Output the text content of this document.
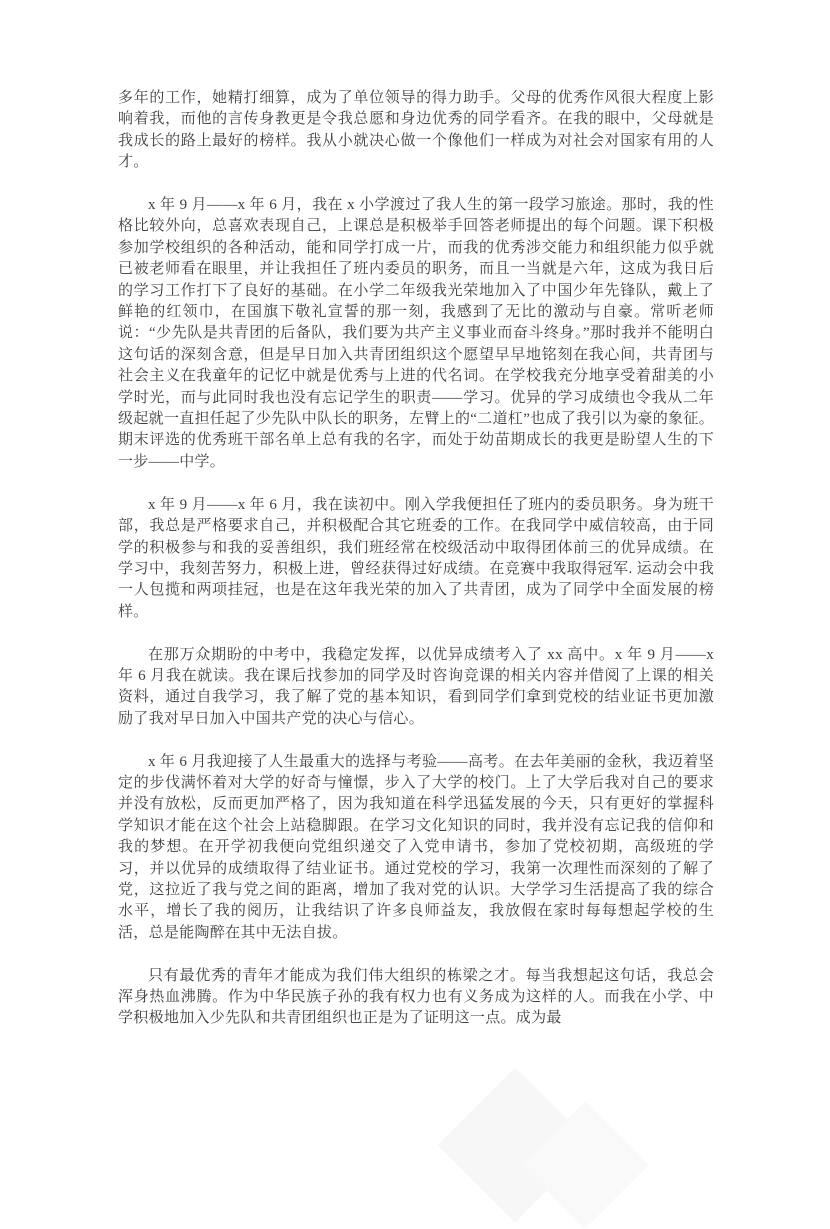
多年的工作，她精打细算，成为了单位领导的得力助手。父母的优秀作风很大程度上影响着我，而他的言传身教更是令我总愿和身边优秀的同学看齐。在我的眼中，父母就是我成长的路上最好的榜样。我从小就决心做一个像他们一样成为对社会对国家有用的人才。

x 年 9 月——x 年 6 月，我在 x 小学渡过了我人生的第一段学习旅途。那时，我的性格比较外向，总喜欢表现自己，上课总是积极举手回答老师提出的每个问题。课下积极参加学校组织的各种活动，能和同学打成一片，而我的优秀涉交能力和组织能力似乎就已被老师看在眼里，并让我担任了班内委员的职务，而且一当就是六年，这成为我日后的学习工作打下了良好的基础。在小学二年级我光荣地加入了中国少年先锋队，戴上了鲜艳的红领巾，在国旗下敬礼宣誓的那一刻，我感到了无比的激动与自豪。常听老师说：“少先队是共青团的后备队，我们要为共产主义事业而奋斗终身。”那时我并不能明白这句话的深刻含意，但是早日加入共青团组织这个愿望早早地铭刻在我心间，共青团与社会主义在我童年的记忆中就是优秀与上进的代名词。在学校我充分地享受着甜美的小学时光，而与此同时我也没有忘记学生的职责——学习。优异的学习成绩也令我从二年级起就一直担任起了少先队中队长的职务，左臂上的“二道杠”也成了我引以为豪的象征。期末评选的优秀班干部名单上总有我的名字，而处于幼苗期成长的我更是盼望人生的下一步——中学。

x 年 9 月——x 年 6 月，我在读初中。刚入学我便担任了班内的委员职务。身为班干部，我总是严格要求自己，并积极配合其它班委的工作。在我同学中威信较高，由于同学的积极参与和我的妥善组织，我们班经常在校级活动中取得团体前三的优异成绩。在学习中，我刻苦努力，积极上进，曾经获得过好成绩。在竞赛中我取得冠军. 运动会中我一人包揽和两项挂冠，也是在这年我光荣的加入了共青团，成为了同学中全面发展的榜样。

在那万众期盼的中考中，我稳定发挥，以优异成绩考入了 xx 高中。x 年 9 月——x 年 6 月我在就读。我在课后找参加的同学及时咨询竞课的相关内容并借阅了上课的相关资料，通过自我学习，我了解了党的基本知识，看到同学们拿到党校的结业证书更加激励了我对早日加入中国共产党的决心与信心。

x 年 6 月我迎接了人生最重大的选择与考验——高考。在去年美丽的金秋，我迈着坚定的步伐满怀着对大学的好奇与憧憬，步入了大学的校门。上了大学后我对自己的要求并没有放松，反而更加严格了，因为我知道在科学迅猛发展的今天，只有更好的掌握科学知识才能在这个社会上站稳脚跟。在学习文化知识的同时，我并没有忘记我的信仰和我的梦想。在开学初我便向党组织递交了入党申请书，参加了党校初期，高级班的学习，并以优异的成绩取得了结业证书。通过党校的学习，我第一次理性而深刻的了解了党，这拉近了我与党之间的距离，增加了我对党的认识。大学学习生活提高了我的综合水平，增长了我的阅历，让我结识了许多良师益友，我放假在家时每每想起学校的生活，总是能陶醉在其中无法自拔。

只有最优秀的青年才能成为我们伟大组织的栋梁之才。每当我想起这句话，我总会浑身热血沸腾。作为中华民族子孙的我有权力也有义务成为这样的人。而我在小学、中学积极地加入少先队和共青团组织也正是为了证明这一点。成为最
